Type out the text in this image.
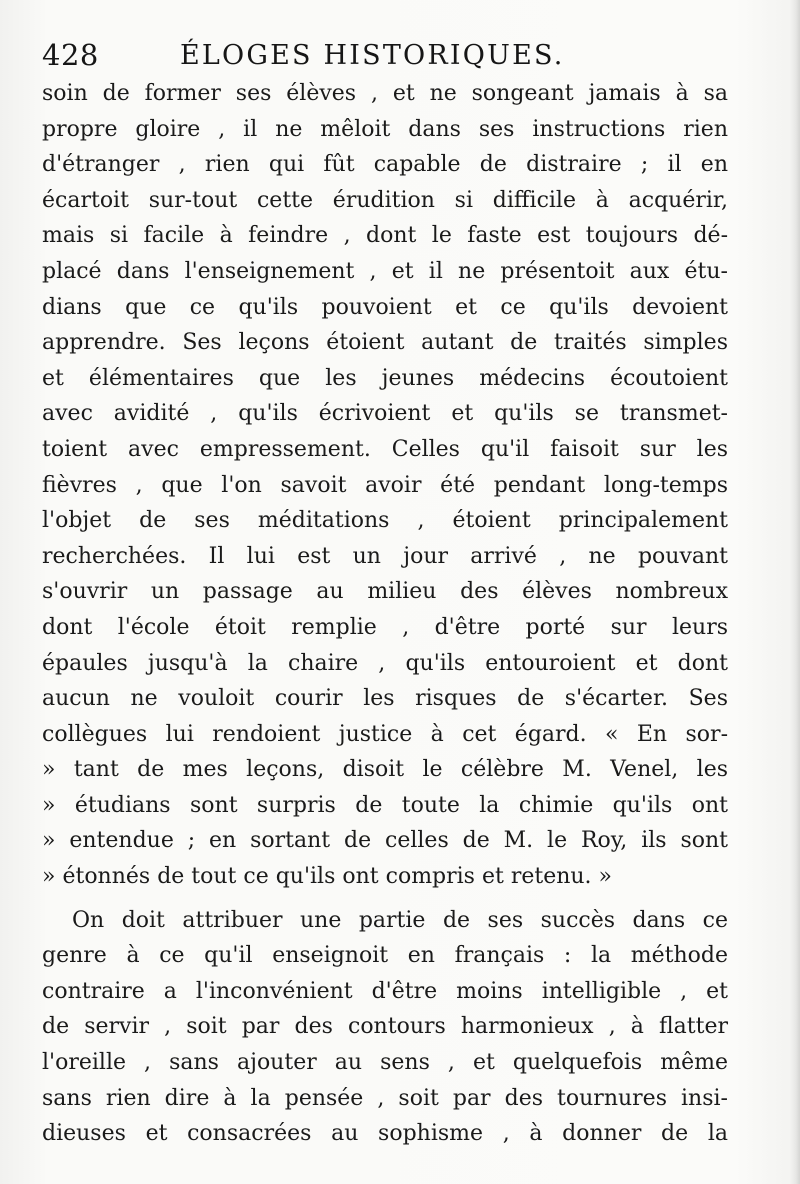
428	ÉLOGES HISTORIQUES.
soin de former ses élèves , et ne songeant jamais à sa
propre gloire , il ne mêloit dans ses instructions rien
d'étranger , rien qui fût capable de distraire ; il en
écartoit sur-tout cette érudition si difficile à acquérir,
mais si facile à feindre , dont le faste est toujours dé-
placé dans l'enseignement , et il ne présentoit aux étu-
dians que ce qu'ils pouvoient et ce qu'ils devoient
apprendre. Ses leçons étoient autant de traités simples
et élémentaires que les jeunes médecins écoutoient
avec avidité , qu'ils écrivoient et qu'ils se transmet-
toient avec empressement. Celles qu'il faisoit sur les
fièvres , que l'on savoit avoir été pendant long-temps
l'objet de ses méditations , étoient principalement
recherchées. Il lui est un jour arrivé , ne pouvant
s'ouvrir un passage au milieu des élèves nombreux
dont l'école étoit remplie , d'être porté sur leurs
épaules jusqu'à la chaire , qu'ils entouroient et dont
aucun ne vouloit courir les risques de s'écarter. Ses
collègues lui rendoient justice à cet égard. « En sor-
» tant de mes leçons, disoit le célèbre M. Venel, les
» étudians sont surpris de toute la chimie qu'ils ont
» entendue ; en sortant de celles de M. le Roy, ils sont
» étonnés de tout ce qu'ils ont compris et retenu. »
On doit attribuer une partie de ses succès dans ce
genre à ce qu'il enseignoit en français : la méthode
contraire a l'inconvénient d'être moins intelligible , et
de servir , soit par des contours harmonieux , à flatter
l'oreille , sans ajouter au sens , et quelquefois même
sans rien dire à la pensée , soit par des tournures insi-
dieuses et consacrées au sophisme , à donner de la
